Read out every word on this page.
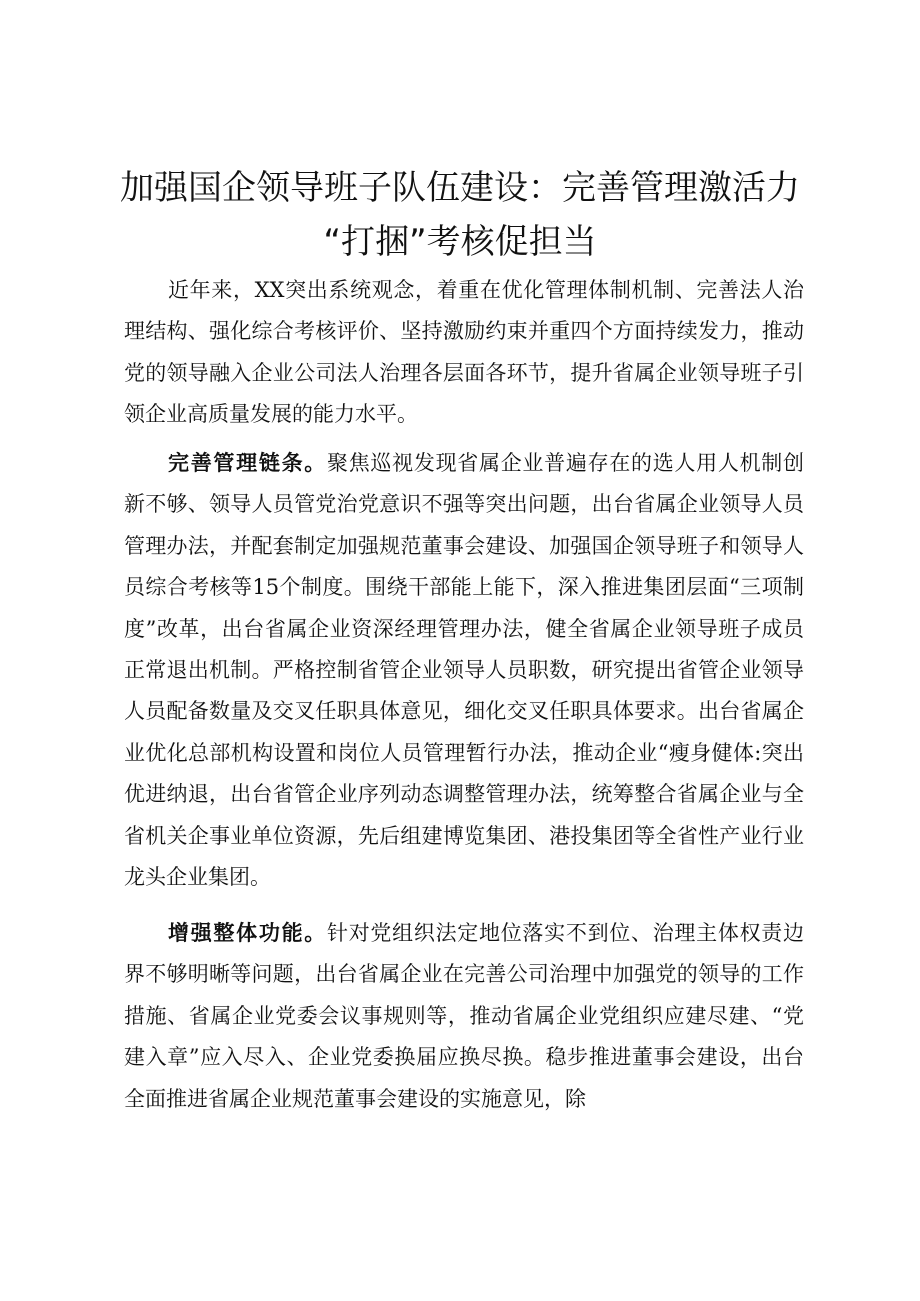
加强国企领导班子队伍建设：完善管理激活力
“打捆”考核促担当

近年来，XX突出系统观念，着重在优化管理体制机制、完善法人治理结构、强化综合考核评价、坚持激励约束并重四个方面持续发力，推动党的领导融入企业公司法人治理各层面各环节，提升省属企业领导班子引领企业高质量发展的能力水平。

完善管理链条。聚焦巡视发现省属企业普遍存在的选人用人机制创新不够、领导人员管党治党意识不强等突出问题，出台省属企业领导人员管理办法，并配套制定加强规范董事会建设、加强国企领导班子和领导人员综合考核等15个制度。围绕干部能上能下，深入推进集团层面“三项制度”改革，出台省属企业资深经理管理办法，健全省属企业领导班子成员正常退出机制。严格控制省管企业领导人员职数，研究提出省管企业领导人员配备数量及交叉任职具体意见，细化交叉任职具体要求。出台省属企业优化总部机构设置和岗位人员管理暂行办法，推动企业“瘦身健体:突出优进纳退，出台省管企业序列动态调整管理办法，统筹整合省属企业与全省机关企事业单位资源，先后组建博览集团、港投集团等全省性产业行业龙头企业集团。

增强整体功能。针对党组织法定地位落实不到位、治理主体权责边界不够明晰等问题，出台省属企业在完善公司治理中加强党的领导的工作措施、省属企业党委会议事规则等，推动省属企业党组织应建尽建、“党建入章”应入尽入、企业党委换届应换尽换。稳步推进董事会建设，出台全面推进省属企业规范董事会建设的实施意见，除
